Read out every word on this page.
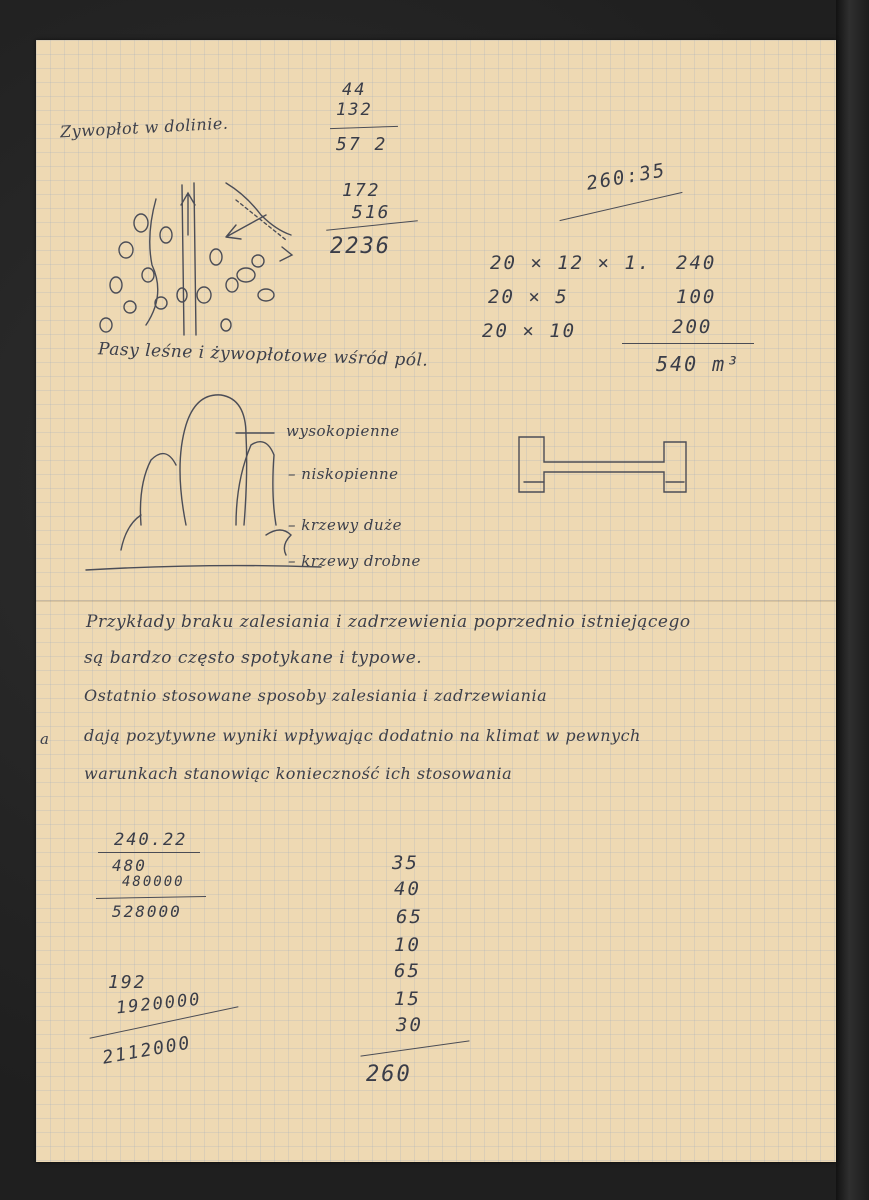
Zywopłot w dolinie.
44
132
57 2
172
516
2236
260:35
20 × 12 × 1.
20 × 5
20 × 10
240
100
200
540 m³
Pasy leśne i żywopłotowe wśród pól.
wysokopienne
– niskopienne
– krzewy duże
– krzewy drobne
Przykłady braku zalesiania i zadrzewienia poprzednio istniejącego
są bardzo często spotykane i typowe.
Ostatnio stosowane sposoby zalesiania i zadrzewiania
dają pozytywne wyniki wpływając dodatnio na klimat w pewnych
warunkach stanowiąc konieczność ich stosowania
a
240.22
480
480000
528000
192
1920000
2112000
35
40
65
10
65
15
30
260
